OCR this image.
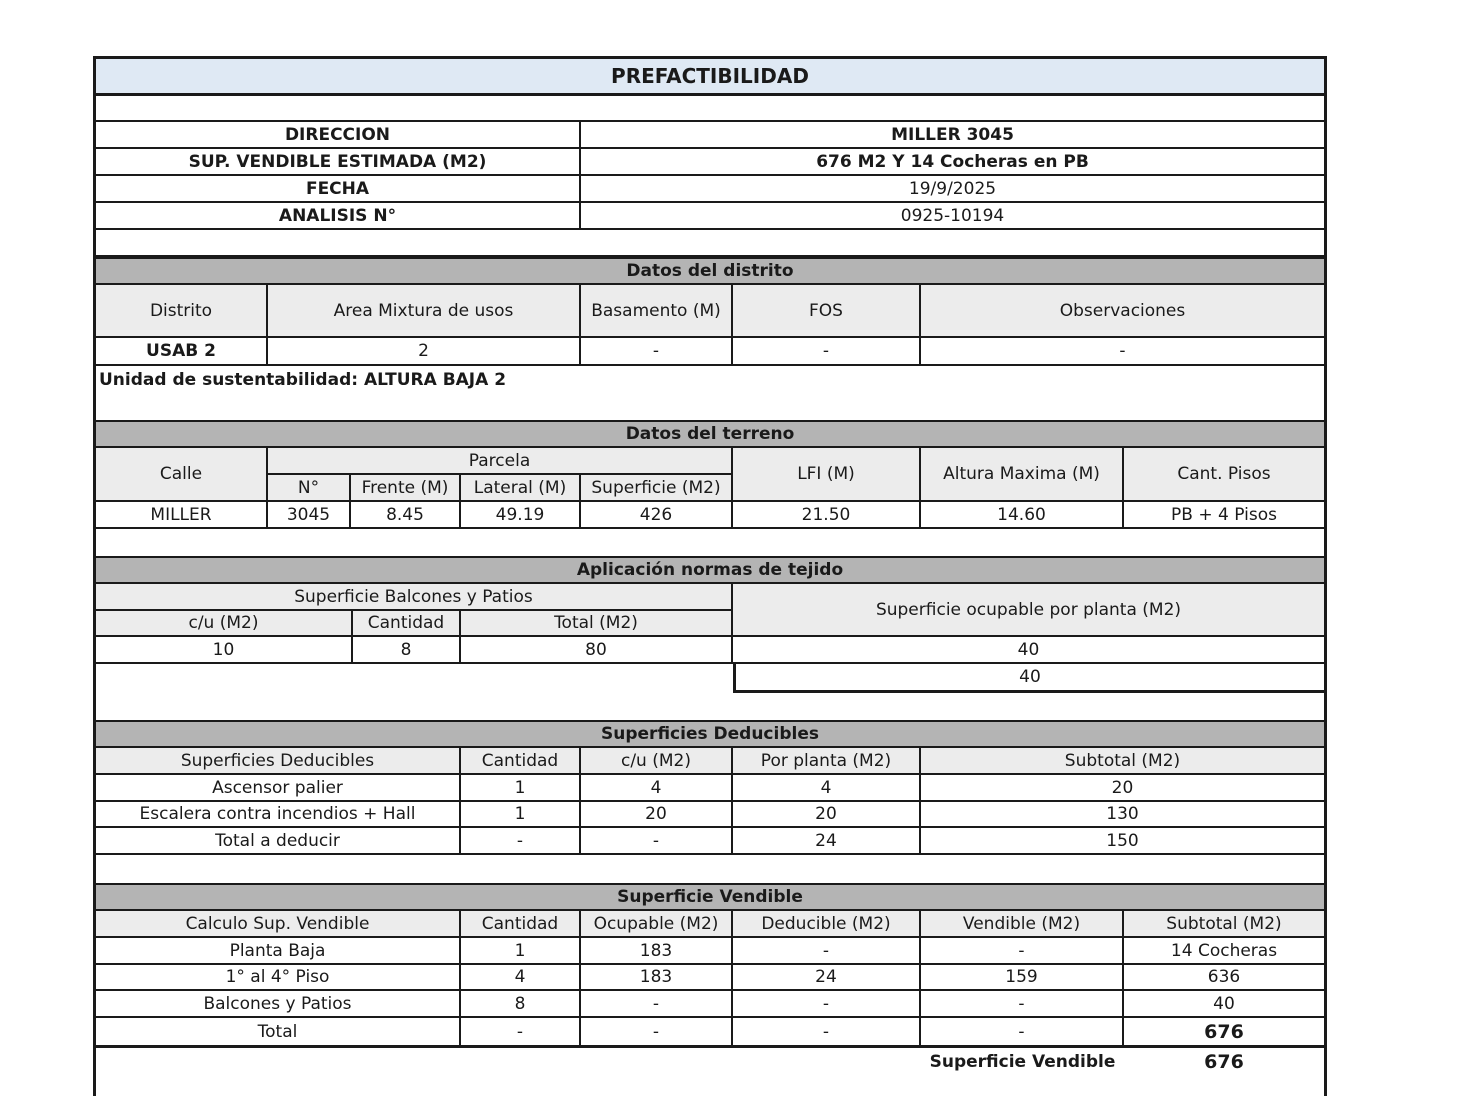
PREFACTIBILIDAD
DIRECCION	MILLER 3045
SUP. VENDIBLE ESTIMADA (M2)	676 M2 Y 14 Cocheras en PB
FECHA	19/9/2025
ANALISIS N°	0925-10194
Datos del distrito
Distrito	Area Mixtura de usos	Basamento (M)	FOS	Observaciones
USAB 2	2	-	-	-
Unidad de sustentabilidad: ALTURA BAJA 2
Datos del terreno
Calle
Parcela
N°	Frente (M)	Lateral (M)	Superficie (M2)
LFI (M)	Altura Maxima (M)	Cant. Pisos
MILLER	3045	8.45	49.19	426	21.50	14.60	PB + 4 Pisos
Aplicación normas de tejido
Superficie Balcones y Patios
c/u (M2)	Cantidad	Total (M2)
Superficie ocupable por planta (M2)
10	8	80	40
40
Superficies Deducibles
Superficies Deducibles	Cantidad	c/u (M2)	Por planta (M2)	Subtotal (M2)
Ascensor palier	1	4	4	20
Escalera contra incendios + Hall	1	20	20	130
Total a deducir	-	-	24	150
Superficie Vendible
Calculo Sup. Vendible	Cantidad	Ocupable (M2)	Deducible (M2)	Vendible (M2)	Subtotal (M2)
Planta Baja	1	183	-	-	14 Cocheras
1° al 4° Piso	4	183	24	159	636
Balcones y Patios	8	-	-	-	40
Total	-	-	-	-	676
Superficie Vendible	676
